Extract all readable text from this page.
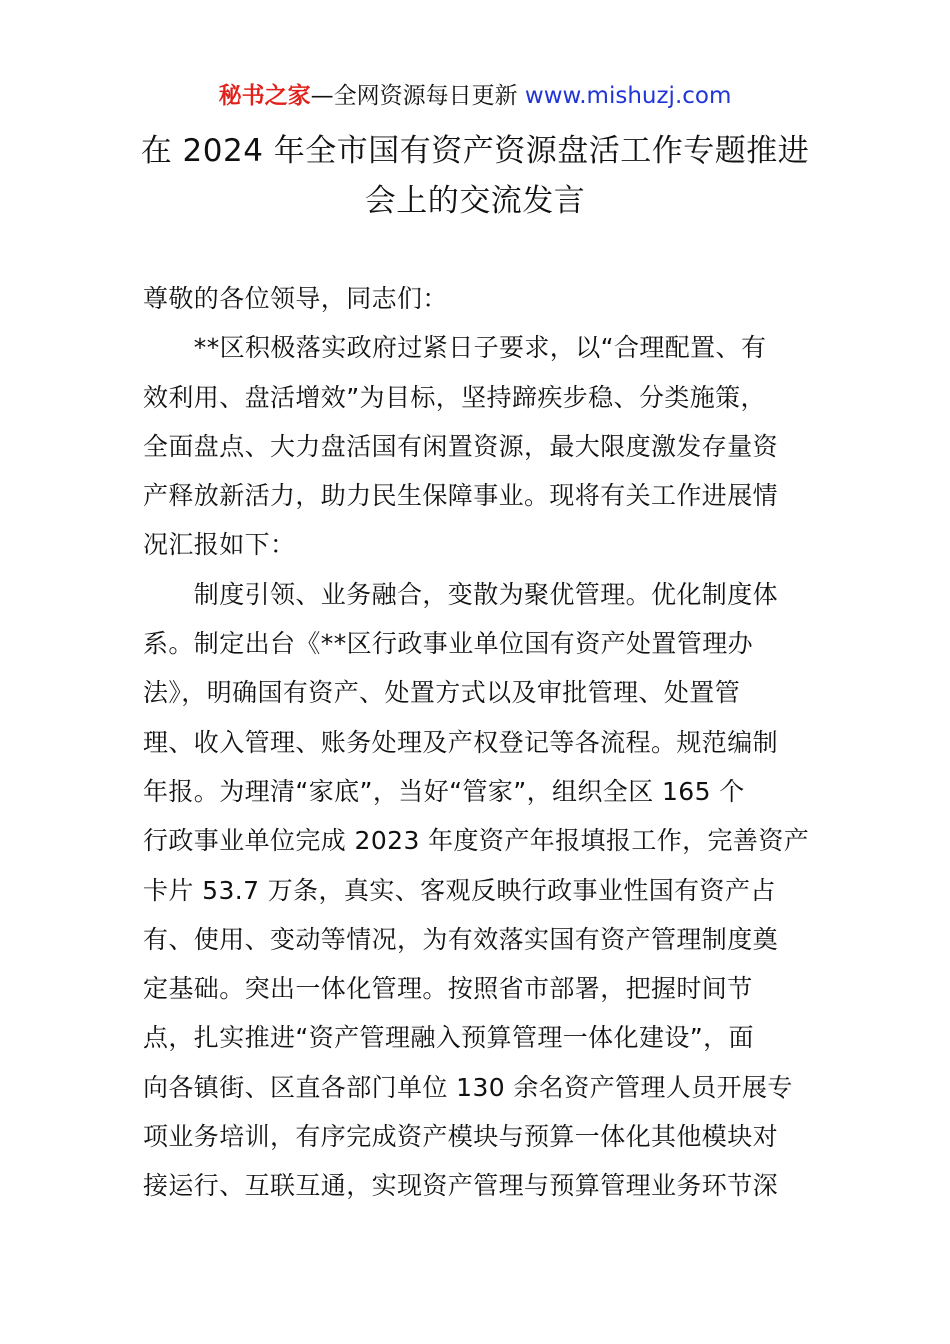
秘书之家—全网资源每日更新 www.mishuzj.com
在 2024 年全市国有资产资源盘活工作专题推进
会上的交流发言
尊敬的各位领导，同志们：
　　**区积极落实政府过紧日子要求，以“合理配置、有
效利用、盘活增效”为目标，坚持蹄疾步稳、分类施策，
全面盘点、大力盘活国有闲置资源，最大限度激发存量资
产释放新活力，助力民生保障事业。现将有关工作进展情
况汇报如下：
　　制度引领、业务融合，变散为聚优管理。优化制度体
系。制定出台《**区行政事业单位国有资产处置管理办
法》，明确国有资产、处置方式以及审批管理、处置管
理、收入管理、账务处理及产权登记等各流程。规范编制
年报。为理清“家底”，当好“管家”，组织全区 165 个
行政事业单位完成 2023 年度资产年报填报工作，完善资产
卡片 53.7 万条，真实、客观反映行政事业性国有资产占
有、使用、变动等情况，为有效落实国有资产管理制度奠
定基础。突出一体化管理。按照省市部署，把握时间节
点，扎实推进“资产管理融入预算管理一体化建设”，面
向各镇街、区直各部门单位 130 余名资产管理人员开展专
项业务培训，有序完成资产模块与预算一体化其他模块对
接运行、互联互通，实现资产管理与预算管理业务环节深
